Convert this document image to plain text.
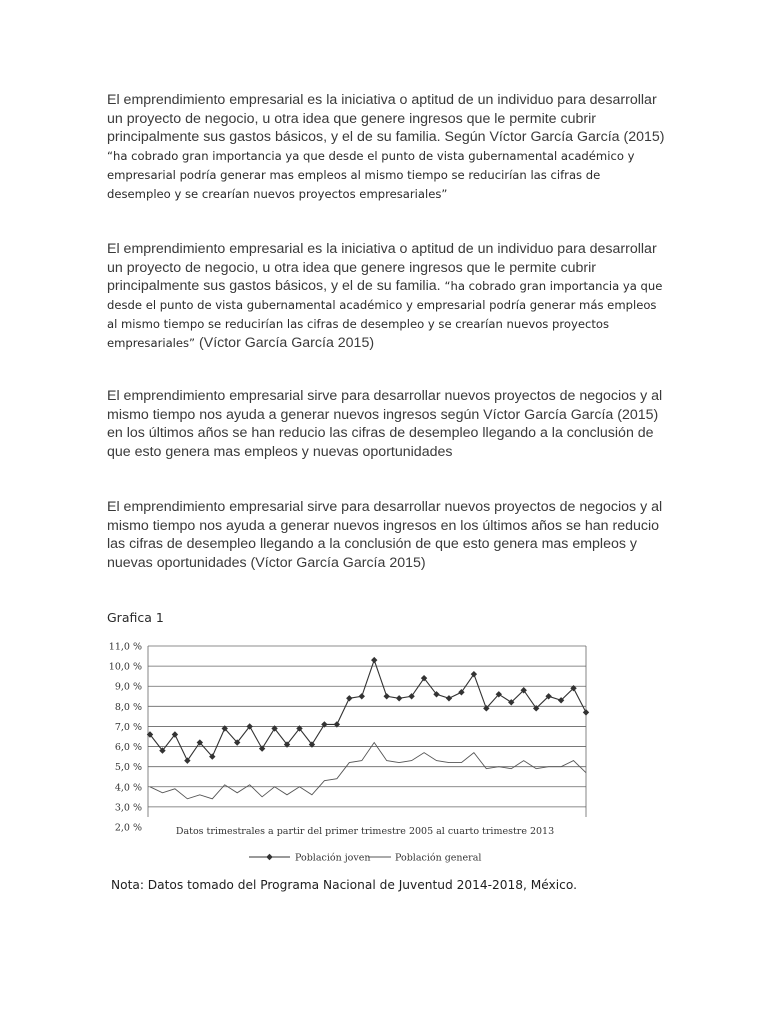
El emprendimiento empresarial es la iniciativa o aptitud de un individuo para desarrollar un proyecto de negocio, u otra idea que genere ingresos que le permite cubrir principalmente sus gastos básicos, y el de su familia. Según Víctor García García (2015) “ha cobrado gran importancia ya que desde el punto de vista gubernamental académico y empresarial podría generar mas empleos al mismo tiempo se reducirían las cifras de desempleo y se crearían nuevos proyectos empresariales”

El emprendimiento empresarial es la iniciativa o aptitud de un individuo para desarrollar un proyecto de negocio, u otra idea que genere ingresos que le permite cubrir principalmente sus gastos básicos, y el de su familia. “ha cobrado gran importancia ya que desde el punto de vista gubernamental académico y empresarial podría generar más empleos al mismo tiempo se reducirían las cifras de desempleo y se crearían nuevos proyectos empresariales” (Víctor García García 2015)

El emprendimiento empresarial sirve para desarrollar nuevos proyectos de negocios y al mismo tiempo nos ayuda a generar nuevos ingresos según Víctor García García (2015) en los últimos años se han reducio las cifras de desempleo llegando a la conclusión de que esto genera mas empleos y nuevas oportunidades

El emprendimiento empresarial sirve para desarrollar nuevos proyectos de negocios y al mismo tiempo nos ayuda a generar nuevos ingresos en los últimos años se han reducio las cifras de desempleo llegando a la conclusión de que esto genera mas empleos y nuevas oportunidades (Víctor García García 2015)

Grafica 1
11,0 %
10,0 %
9,0 %
8,0 %
7,0 %
6,0 %
5,0 %
4,0 %
3,0 %
2,0 %	Datos trimestrales a partir del primer trimestre 2005 al cuarto trimestre 2013
Población joven	Población general
Nota: Datos tomado del Programa Nacional de Juventud 2014-2018, México.
